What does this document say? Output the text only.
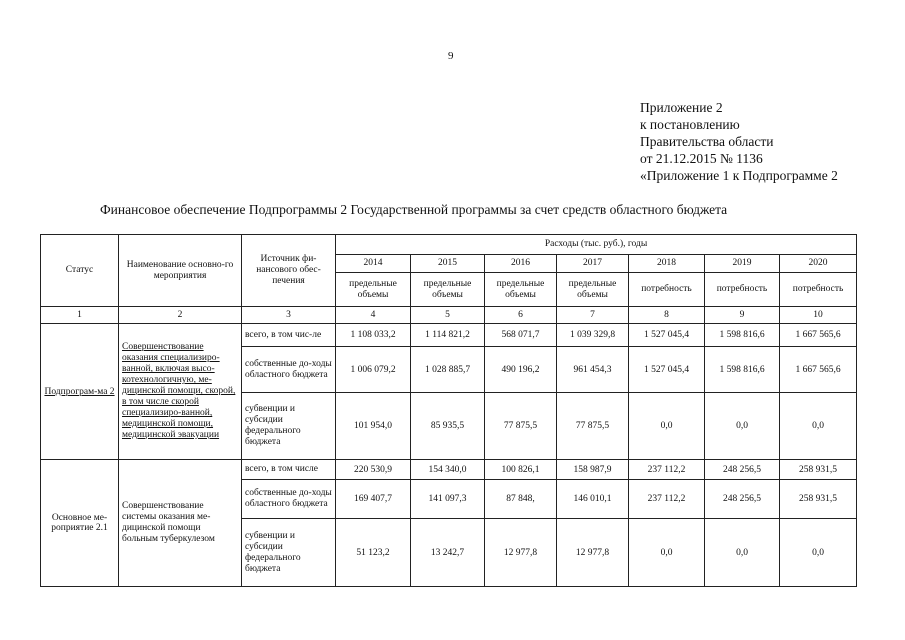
9
Приложение 2
к постановлению
Правительства области
от 21.12.2015 № 1136
«Приложение 1 к Подпрограмме 2
Финансовое обеспечение Подпрограммы 2 Государственной программы за счет средств областного бюджета
Статус	Наименование основно-го мероприятия	Источник фи-нансового обес-печения	Расходы (тыс. руб.), годы						
			2014	2015	2016	2017	2018	2019	2020
			предельные объемы	предельные объемы	предельные объемы	предельные объемы	потребность	потребность	потребность
1	2	3	4	5	6	7	8	9	10
Подпрограм-ма 2	Совершенствование оказания специализиро-ванной, включая высо-котехнологичную, ме-дицинской помощи, скорой, в том числе скорой специализиро-ванной, медицинской помощи, медицинской эвакуации	всего, в том чис-ле	1 108 033,2	1 114 821,2	568 071,7	1 039 329,8	1 527 045,4	1 598 816,6	1 667 565,6
		собственные до-ходы областного бюджета	1 006 079,2	1 028 885,7	490 196,2	961 454,3	1 527 045,4	1 598 816,6	1 667 565,6
		субвенции и субсидии федерального бюджета	101 954,0	85 935,5	77 875,5	77 875,5	0,0	0,0	0,0
Основное ме-роприятие 2.1	Совершенствование системы оказания ме-дицинской помощи больным туберкулезом	всего, в том числе	220 530,9	154 340,0	100 826,1	158 987,9	237 112,2	248 256,5	258 931,5
		собственные до-ходы областного бюджета	169 407,7	141 097,3	87 848,	146 010,1	237 112,2	248 256,5	258 931,5
		субвенции и субсидии федерального бюджета	51 123,2	13 242,7	12 977,8	12 977,8	0,0	0,0	0,0
